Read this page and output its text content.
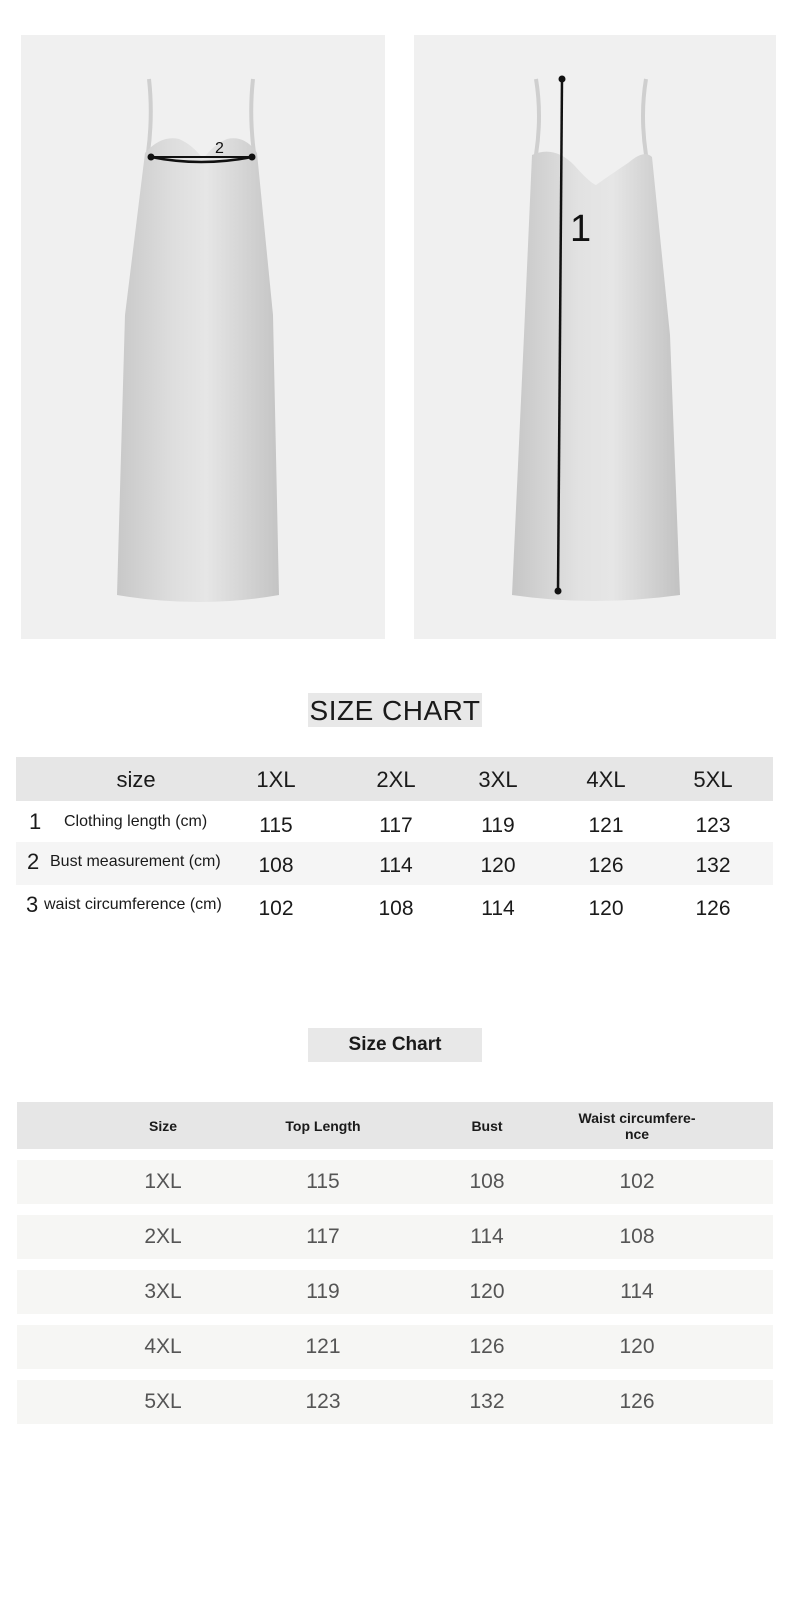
2
1
SIZE CHART
size	1XL	2XL	3XL	4XL	5XL
1 Clothing length (cm)	115	117	119	121	123
2 Bust measurement (cm)	108	114	120	126	132
3 waist circumference (cm)	102	108	114	120	126
Size Chart
Size	Top Length	Bust	Waist circumfere-
nce
1XL	115	108	102
2XL	117	114	108
3XL	119	120	114
4XL	121	126	120
5XL	123	132	126
